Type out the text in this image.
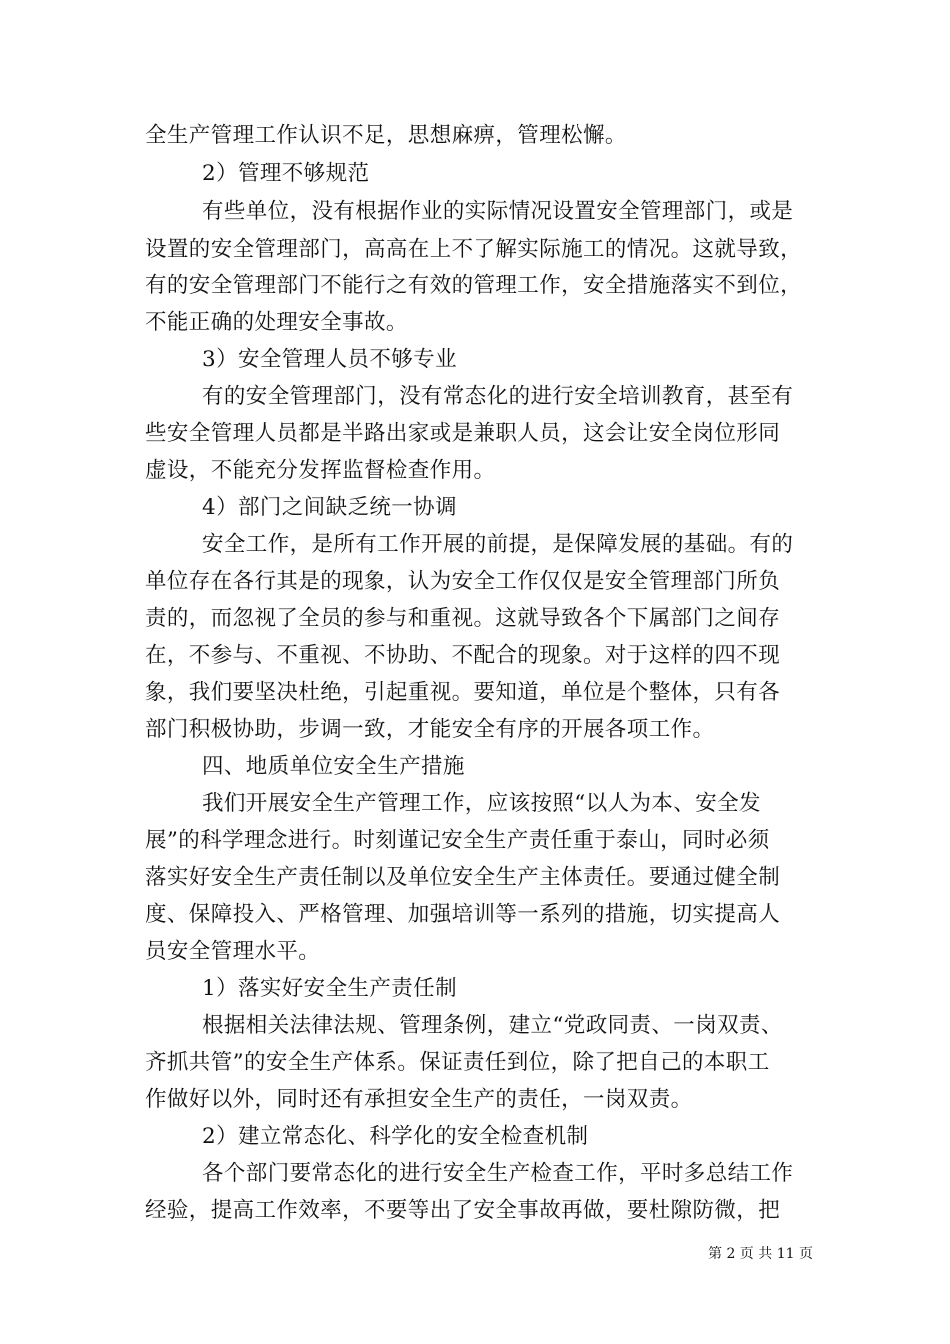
全生产管理工作认识不足，思想麻痹，管理松懈。
2）管理不够规范
有些单位，没有根据作业的实际情况设置安全管理部门，或是
设置的安全管理部门，高高在上不了解实际施工的情况。这就导致，
有的安全管理部门不能行之有效的管理工作，安全措施落实不到位，
不能正确的处理安全事故。
3）安全管理人员不够专业
有的安全管理部门，没有常态化的进行安全培训教育，甚至有
些安全管理人员都是半路出家或是兼职人员，这会让安全岗位形同
虚设，不能充分发挥监督检查作用。
4）部门之间缺乏统一协调
安全工作，是所有工作开展的前提，是保障发展的基础。有的
单位存在各行其是的现象，认为安全工作仅仅是安全管理部门所负
责的，而忽视了全员的参与和重视。这就导致各个下属部门之间存
在，不参与、不重视、不协助、不配合的现象。对于这样的四不现
象，我们要坚决杜绝，引起重视。要知道，单位是个整体，只有各
部门积极协助，步调一致，才能安全有序的开展各项工作。
四、地质单位安全生产措施
我们开展安全生产管理工作，应该按照“以人为本、安全发
展”的科学理念进行。时刻谨记安全生产责任重于泰山，同时必须
落实好安全生产责任制以及单位安全生产主体责任。要通过健全制
度、保障投入、严格管理、加强培训等一系列的措施，切实提高人
员安全管理水平。
1）落实好安全生产责任制
根据相关法律法规、管理条例，建立“党政同责、一岗双责、
齐抓共管”的安全生产体系。保证责任到位，除了把自己的本职工
作做好以外，同时还有承担安全生产的责任，一岗双责。
2）建立常态化、科学化的安全检查机制
各个部门要常态化的进行安全生产检查工作，平时多总结工作
经验，提高工作效率，不要等出了安全事故再做，要杜隙防微，把
第 2 页 共 11 页
